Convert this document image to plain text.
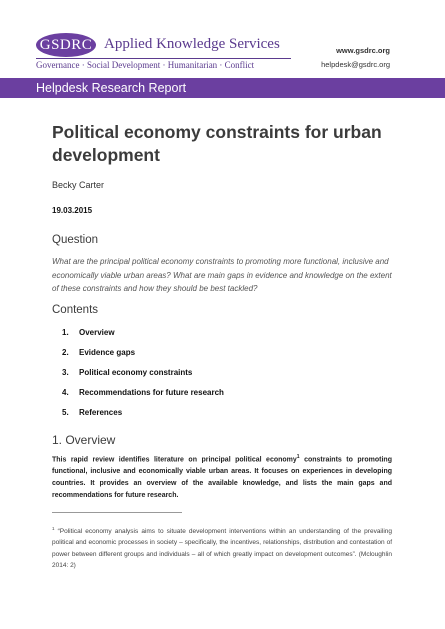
GSDRC Applied Knowledge Services
Governance · Social Development · Humanitarian · Conflict
www.gsdrc.org
helpdesk@gsdrc.org
Helpdesk Research Report
Political economy constraints for urban development
Becky Carter
19.03.2015
Question
What are the principal political economy constraints to promoting more functional, inclusive and economically viable urban areas? What are main gaps in evidence and knowledge on the extent of these constraints and how they should be best tackled?
Contents
1.	Overview
2.	Evidence gaps
3.	Political economy constraints
4.	Recommendations for future research
5.	References
1. Overview
This rapid review identifies literature on principal political economy$^1$ constraints to promoting functional, inclusive and economically viable urban areas. It focuses on experiences in developing countries. It provides an overview of the available knowledge, and lists the main gaps and recommendations for future research.
$^1$ “Political economy analysis aims to situate development interventions within an understanding of the prevailing political and economic processes in society – specifically, the incentives, relationships, distribution and contestation of power between different groups and individuals – all of which greatly impact on development outcomes”. (Mcloughlin 2014: 2)
